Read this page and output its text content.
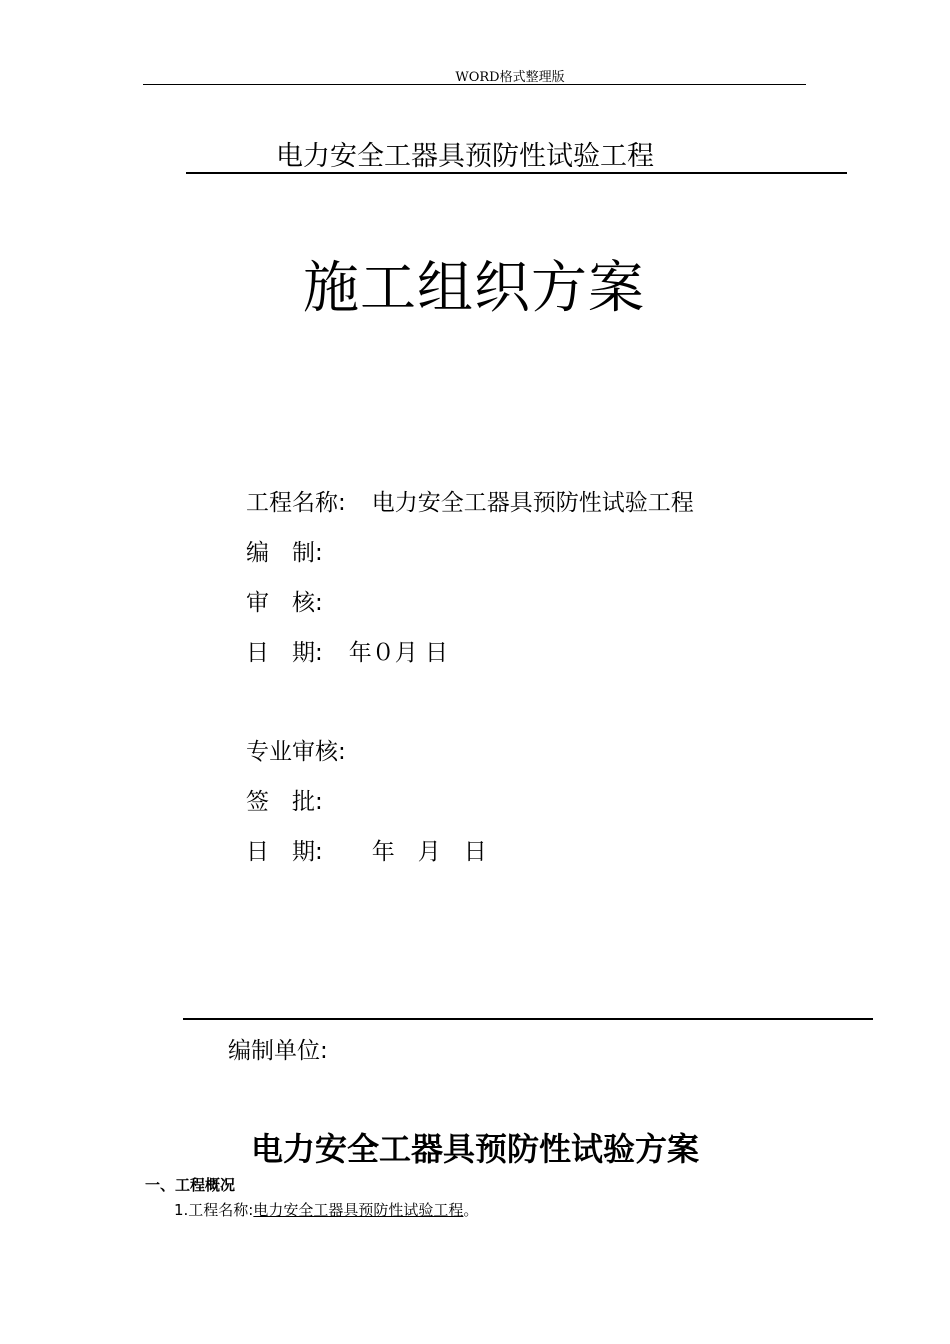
WORD格式整理版
电力安全工器具预防性试验工程
施工组织方案
工程名称: 电力安全工器具预防性试验工程
编　制:
审　核:
日　期: 年０月 日
专业审核:
签　批:
日　期:　年　月　日
编制单位:
电力安全工器具预防性试验方案
一、工程概况
1.工程名称:电力安全工器具预防性试验工程。
